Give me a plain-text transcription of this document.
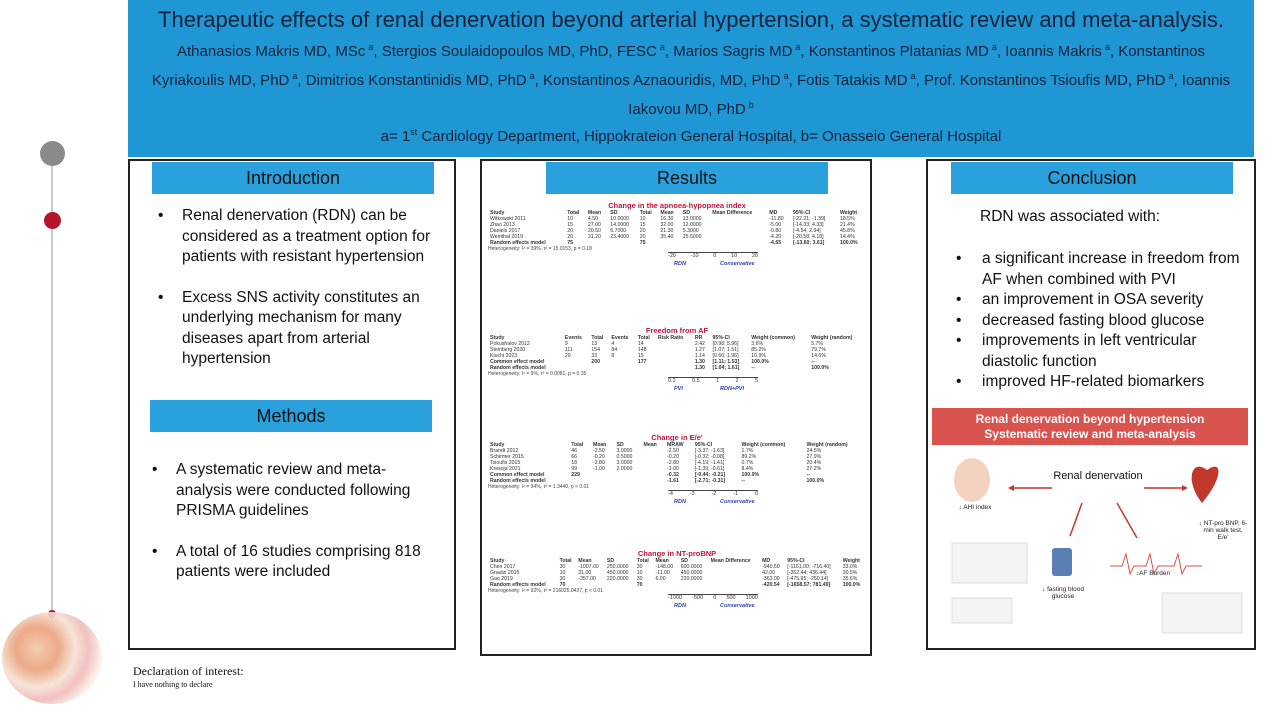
Therapeutic effects of renal denervation beyond arterial hypertension, a systematic review and meta-analysis.
Athanasios Makris MD, MSc $^a$, Stergios Soulaidopoulos MD, PhD, FESC $^a$, Marios Sagris MD $^a$, Konstantinos Platanias MD $^a$, Ioannis Makris $^a$, Konstantinos Kyriakoulis MD, PhD $^a$, Dimitrios Konstantinidis MD, PhD $^a$, Konstantinos Aznaouridis, MD, PhD $^a$, Fotis Tatakis MD $^a$, Prof. Konstantinos Tsioufis MD, PhD $^a$, Ioannis Iakovou MD, PhD $^b$
a= 1st Cardiology Department, Hippokrateion General Hospital, b= Onasseio General Hospital
Introduction
• Renal denervation (RDN) can be considered as a treatment option for patients with resistant hypertension
• Excess SNS activity constitutes an underlying mechanism for many diseases apart from arterial hypertension
Methods
• A systematic review and meta-analysis were conducted following PRISMA guidelines
• A total of 16 studies comprising 818 patients were included
Results
Change in the apnoea-hypopnea index
Study	Total	Mean	SD	Total	Mean	SD	Mean Difference	MD	95%-CI	Weight
Witkowski 2011	10	4.50	10.0000	10	16.30	13.0000		-11.80	[-22.21; -1.39]	18.5%
Zhao 2013	15	27.00	14.0000	15	32.00	12.0000		-5.00	[-14.33; 4.33]	21.4%
Daniels 2017	20	20.50	6.7000	20	21.30	5.3000		-0.80	[-4.54; 2.94]	45.8%
Weinthal 2019	20	31.20	23.4000	20	35.40	25.5000		-4.20	[-20.58; 4.18]	14.4%
Random effects model	75			75				-4.65	[-13.60; 3.61]	100.0%
Heterogeneity: I² = 39%, τ² = 15.0153, p = 0.18
-20	-10	0	10	20
RDN	Conservative
Freedom from AF
Study	Events	Total	Events	Total	Risk Ratio	RR	95%-CI	Weight (common)	Weight (random)
Pokushalov 2012	9	13	4	14		2.42	[0.98; 5.96]	3.6%	5.7%
Steinberg 2020	111	154	84	148		1.27	[1.07; 1.51]	85.2%	79.7%
Kiuchi 2023	20	33	8	15		1.14	[0.66; 1.96]	10.9%	14.6%
Common effect model		200		177		1.30	[1.11; 1.53]	100.0%	--
Random effects model						1.30	[1.04; 1.61]	--	100.0%
Heterogeneity: I² = 9%, τ² = 0.0081, p = 0.35
0.2	0.5	1	2	5
PVI	RDN+PVI
Change in E/e'
Study	Total	Mean	SD	Mean	MRAW	95%-CI	Weight (common)	Weight (random)
Brandt 2012	46	-2.50	3.0000		-2.50	[-3.37; -1.63]	1.7%	24.5%
Schirmer 2015	66	-0.20	0.5000		-0.20	[-0.32; -0.08]	89.2%	27.9%
Tsioufis 2015	18	-2.80	3.0000		-2.80	[-4.19; -1.41]	0.7%	20.4%
Kresoja 2021	99	-1.00	2.0000		-1.00	[-1.39; -0.61]	8.4%	27.2%
Common effect model	229				-0.32	[-0.44; -0.21]	100.0%	--
Random effects model					-1.61	[-2.71; -0.31]	--	100.0%
Heterogeneity: I² = 94%, τ² = 1.3440, p < 0.01
-4	-3	-2	-1	0
RDN	Conservative
Change in NT-proBNP
Study	Total	Mean	SD	Total	Mean	SD	Mean Difference	MD	95%-CI	Weight
Chen 2017	30	-1007.00	250.0000	30	-148.00	600.0000		-940.50	[-1161.00; -716.40]	33.0%
Gnadzi 2015	10	31.00	450.0000	10	-11.00	450.0000		42.00	[-352.44; 436.44]	30.5%
Gao 2019	30	-357.00	220.0000	30	6.00	220.0000		-363.00	[-475.95; -250.14]	35.6%
Random effects model	70			70				-420.54	[-1658.57; 781.49]	100.0%
Heterogeneity: I² = 92%, τ² = 216025.0437, p < 0.01
-1000 -500 0 500 1000
RDN	Conservative
Conclusion
RDN was associated with:
• a significant increase in freedom from AF when combined with PVI
• an improvement in OSA severity
• decreased fasting blood glucose
• improvements in left ventricular diastolic function
• improved HF-related biomarkers
Renal denervation beyond hypertension
Systematic review and meta-analysis
Renal denervation
↓ AHI index
↓ NT-pro BNP, 6-min walk test, E/e'
↓ fasting blood glucose
↓AF Burden
Declaration of interest:
I have nothing to declare
